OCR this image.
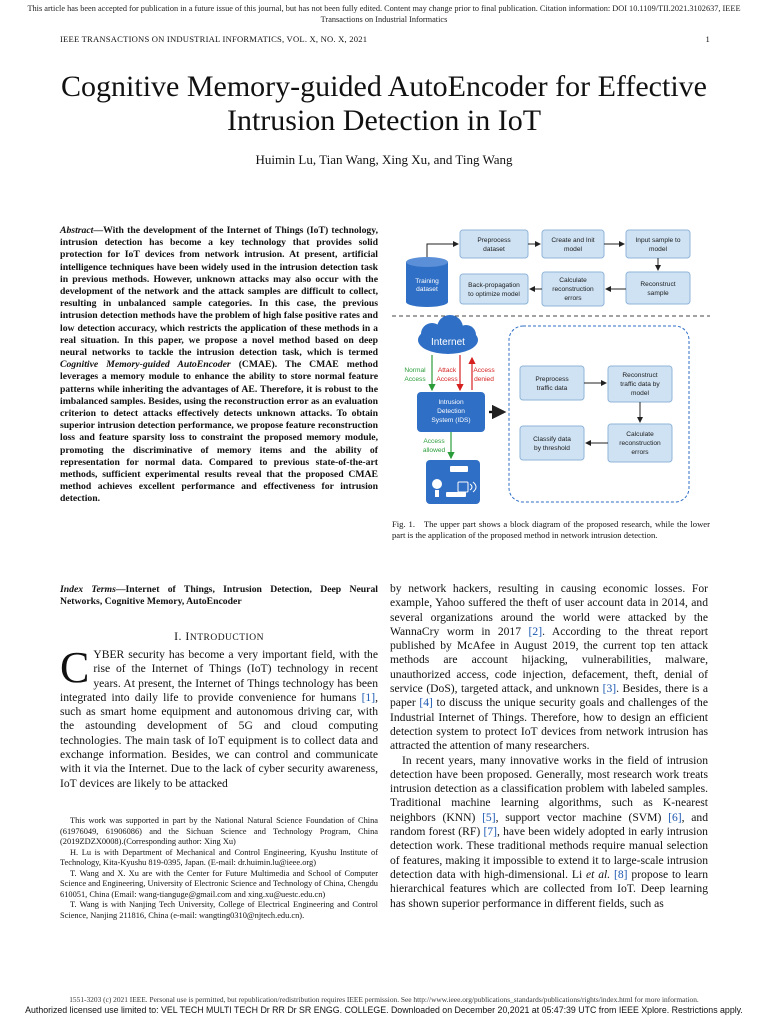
This article has been accepted for publication in a future issue of this journal, but has not been fully edited. Content may change prior to final publication. Citation information: DOI 10.1109/TII.2021.3102637, IEEE Transactions on Industrial Informatics
IEEE TRANSACTIONS ON INDUSTRIAL INFORMATICS, VOL. X, NO. X, 2021	1
Cognitive Memory-guided AutoEncoder for Effective Intrusion Detection in IoT
Huimin Lu, Tian Wang, Xing Xu, and Ting Wang
Abstract—With the development of the Internet of Things (IoT) technology, intrusion detection has become a key technology that provides solid protection for IoT devices from network intrusion. At present, artificial intelligence techniques have been widely used in the intrusion detection task in previous methods. However, unknown attacks may also occur with the development of the network and the attack samples are difficult to collect, resulting in unbalanced sample categories. In this case, the previous intrusion detection methods have the problem of high false positive rates and low detection accuracy, which restricts the application of these methods in a real situation. In this paper, we propose a novel method based on deep neural networks to tackle the intrusion detection task, which is termed Cognitive Memory-guided AutoEncoder (CMAE). The CMAE method leverages a memory module to enhance the ability to store normal feature patterns while inheriting the advantages of AE. Therefore, it is robust to the imbalanced samples. Besides, using the reconstruction error as an evaluation criterion to detect attacks effectively detects unknown attacks. To obtain superior intrusion detection performance, we propose feature reconstruction loss and feature sparsity loss to constraint the proposed memory module, promoting the discriminative of memory items and the ability of representation for normal data. Compared to previous state-of-the-art methods, sufficient experimental results reveal that the proposed CMAE method achieves excellent performance and effectiveness for intrusion detection.
Index Terms—Internet of Things, Intrusion Detection, Deep Neural Networks, Cognitive Memory, AutoEncoder
I. INTRODUCTION
CYBER security has become a very important field, with the rise of the Internet of Things (IoT) technology in recent years. At present, the Internet of Things technology has been integrated into daily life to provide convenience for humans [1], such as smart home equipment and autonomous driving car, with the astounding development of 5G and cloud computing technologies. The main task of IoT equipment is to collect data and exchange information. Besides, we can control and communicate with it via the Internet. Due to the lack of cyber security awareness, IoT devices are likely to be attacked

This work was supported in part by the National Natural Science Foundation of China (61976049, 61906086) and the Sichuan Science and Technology Program, China (2019ZDZX0008).(Corresponding author: Xing Xu)

H. Lu is with Department of Mechanical and Control Engineering, Kyushu Institute of Technology, Kita-Kyushu 819-0395, Japan. (E-mail: dr.huimin.lu@ieee.org)

T. Wang and X. Xu are with the Center for Future Multimedia and School of Computer Science and Engineering, University of Electronic Science and Technology of China, Chengdu 610051, China (Email: wang-tianguge@gmail.com and xing.xu@uestc.edu.cn)

T. Wang is with Nanjing Tech University, College of Electrical Engineering and Control Science, Nanjing 211816, China (e-mail: wangting0310@njtech.edu.cn).

Training
dataset
Preprocess
dataset
Create and Init
model
Input sample to
model
Back-propagation
to optimize model
Calculate
reconstruction
errors
Reconstruct
sample
Internet
Normal
Access
Attack
Access
Access
denied
Intrusion
Detection
System (IDS)
Access
allowed
Preprocess
traffic data
Reconstruct
traffic data by
model
Classify data
by threshold
Calculate
reconstruction
errors
Fig. 1. The upper part shows a block diagram of the proposed research, while the lower part is the application of the proposed method in network intrusion detection.

by network hackers, resulting in causing economic losses. For example, Yahoo suffered the theft of user account data in 2014, and several organizations around the world were attacked by the WannaCry worm in 2017 [2]. According to the threat report published by McAfee in August 2019, the current top ten attack methods are account hijacking, vulnerabilities, malware, unauthorized access, code injection, defacement, theft, denial of service (DoS), targeted attack, and unknown [3]. Besides, there is a paper [4] to discuss the unique security goals and challenges of the Industrial Internet of Things. Therefore, how to design an efficient detection system to protect IoT devices from network intrusion has attracted the attention of many researchers.

In recent years, many innovative works in the field of intrusion detection have been proposed. Generally, most research work treats intrusion detection as a classification problem with labeled samples. Traditional machine learning algorithms, such as K-nearest neighbors (KNN) [5], support vector machine (SVM) [6], and random forest (RF) [7], have been widely adopted in early intrusion detection work. These traditional methods require manual selection of features, making it impossible to extend it to large-scale intrusion detection data with high-dimensional. Li et al. [8] propose to learn hierarchical features which are collected from IoT. Deep learning has shown superior performance in different fields, such as

1551-3203 (c) 2021 IEEE. Personal use is permitted, but republication/redistribution requires IEEE permission. See http://www.ieee.org/publications_standards/publications/rights/index.html for more information.
Authorized licensed use limited to: VEL TECH MULTI TECH Dr RR Dr SR ENGG. COLLEGE. Downloaded on December 20,2021 at 05:47:39 UTC from IEEE Xplore. Restrictions apply.
